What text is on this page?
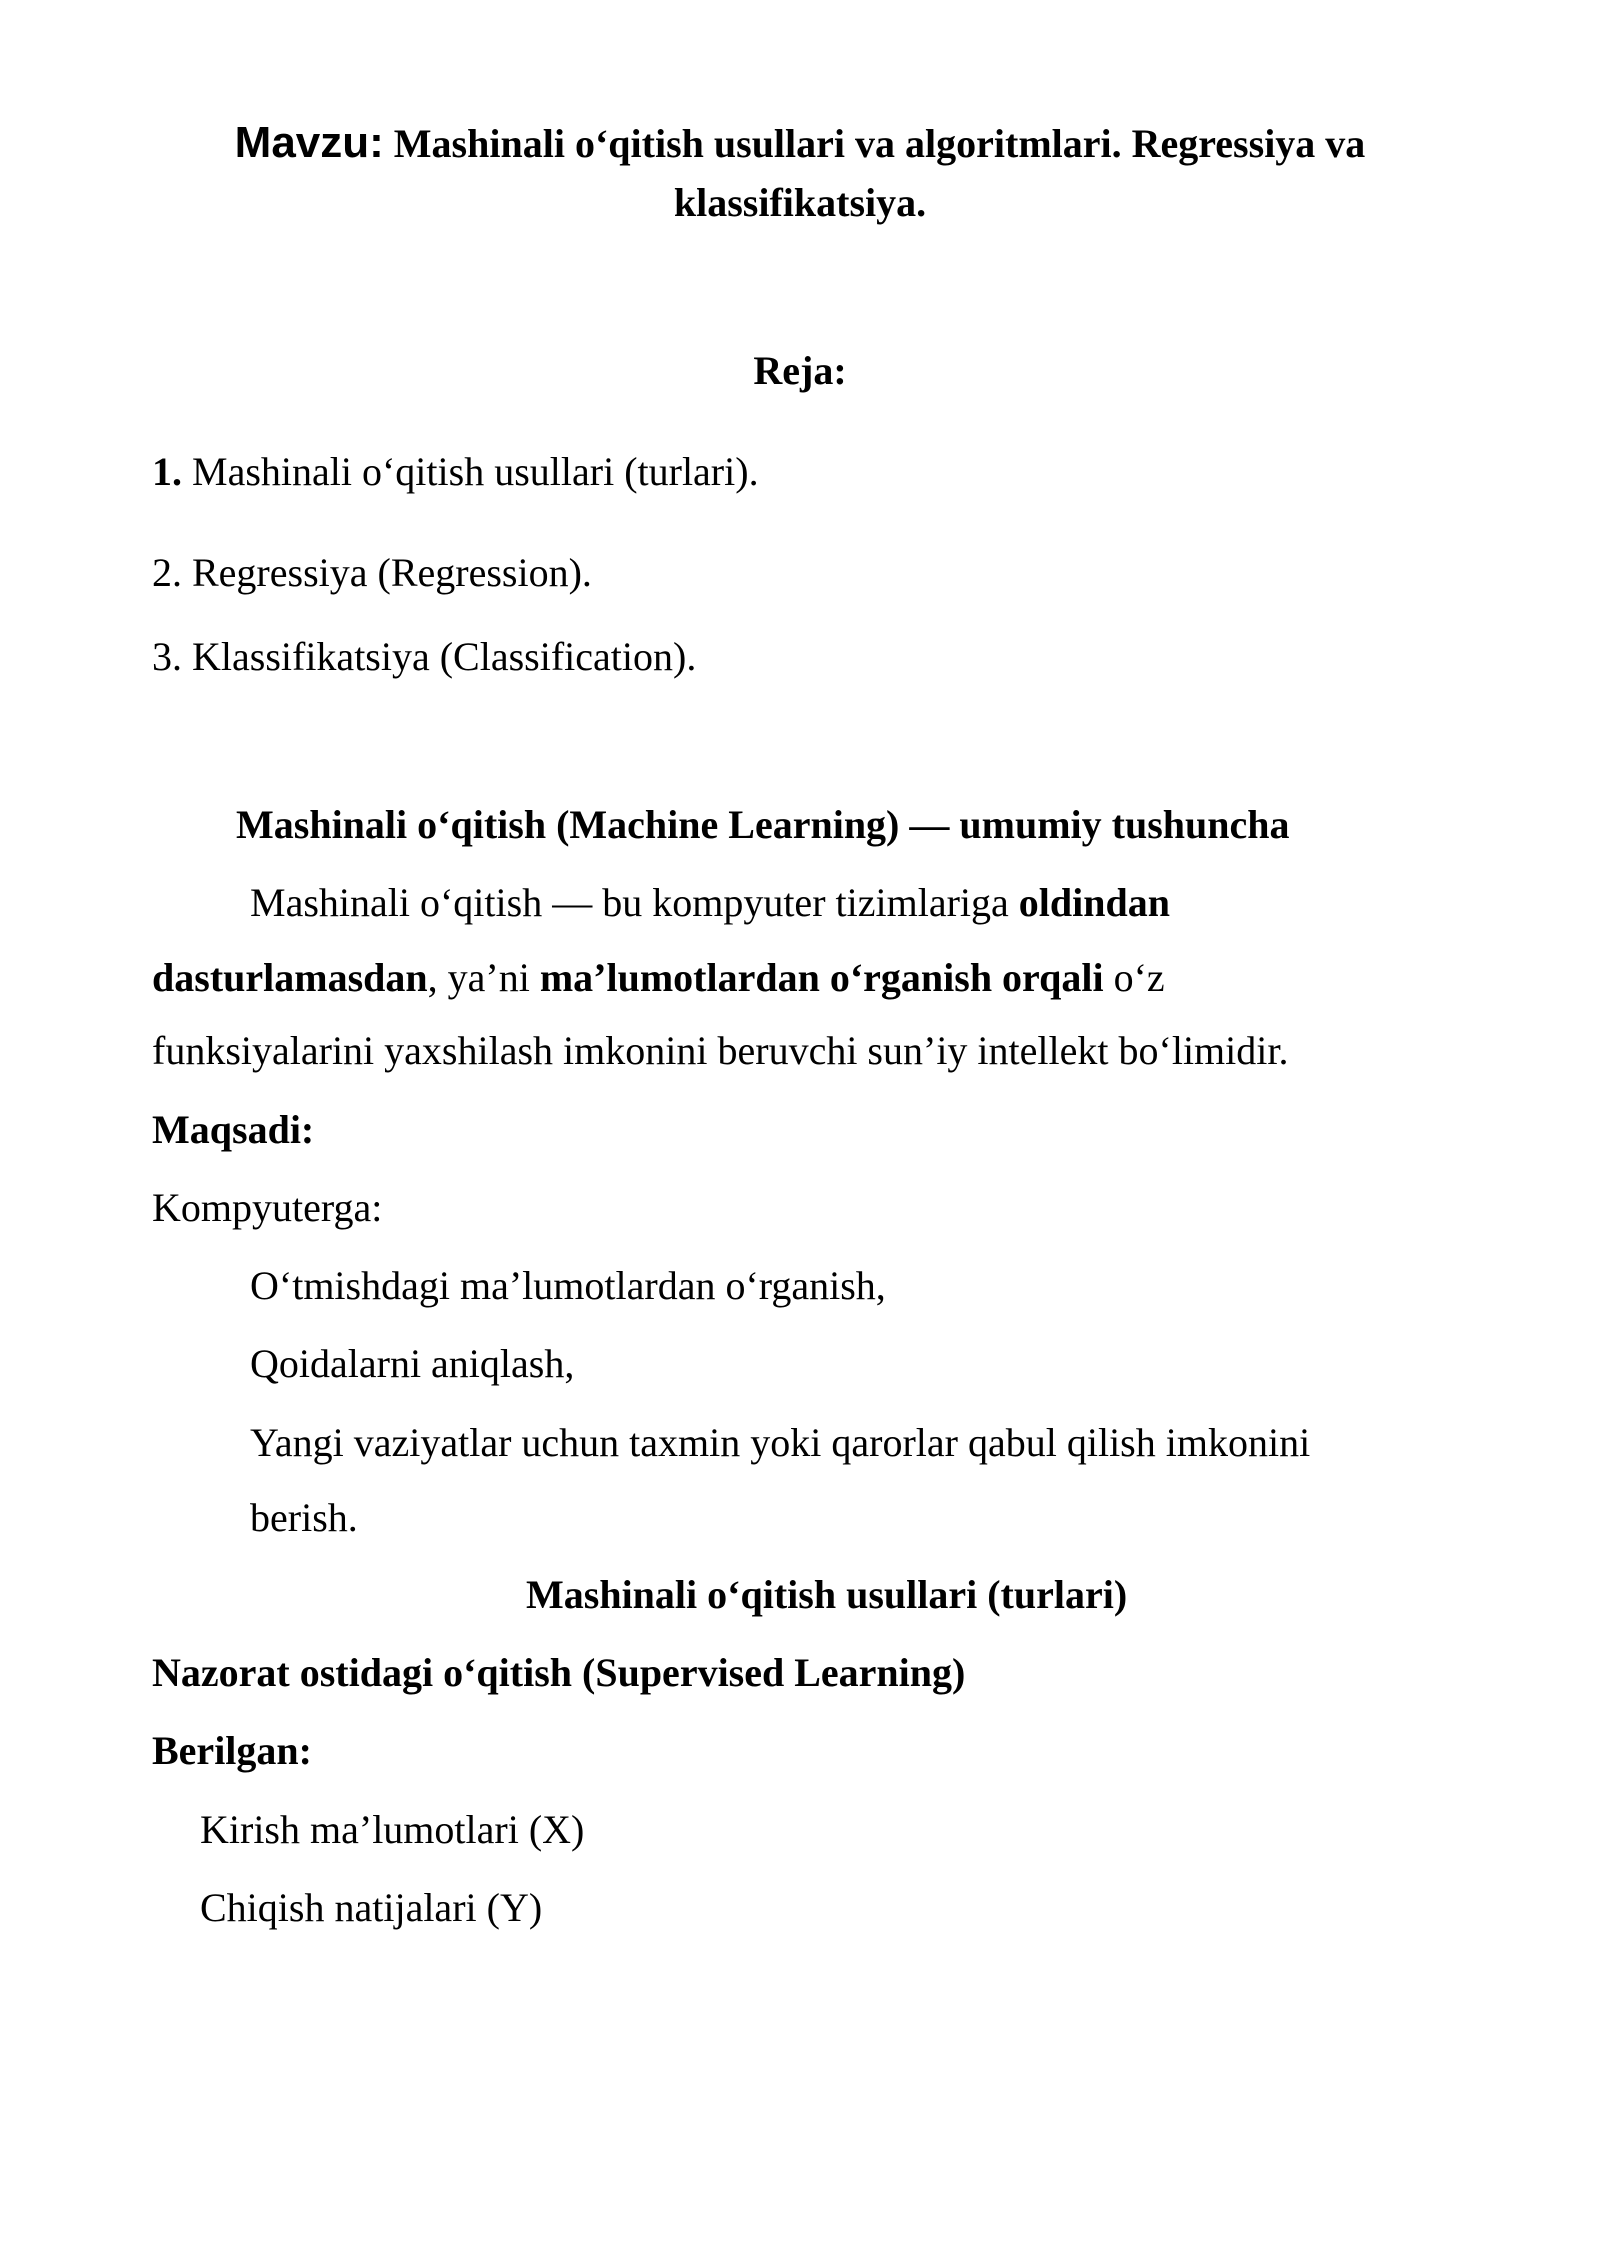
Mavzu: Mashinali o‘qitish usullari va algoritmlari. Regressiya va
klassifikatsiya.
Reja:
1. Mashinali o‘qitish usullari (turlari).
2. Regressiya (Regression).
3. Klassifikatsiya (Classification).
Mashinali o‘qitish (Machine Learning) — umumiy tushuncha
Mashinali o‘qitish — bu kompyuter tizimlariga oldindan
dasturlamasdan, ya’ni ma’lumotlardan o‘rganish orqali o‘z
funksiyalarini yaxshilash imkonini beruvchi sun’iy intellekt bo‘limidir.
Maqsadi:
Kompyuterga:
O‘tmishdagi ma’lumotlardan o‘rganish,
Qoidalarni aniqlash,
Yangi vaziyatlar uchun taxmin yoki qarorlar qabul qilish imkonini
berish.
Mashinali o‘qitish usullari (turlari)
Nazorat ostidagi o‘qitish (Supervised Learning)
Berilgan:
Kirish ma’lumotlari (X)
Chiqish natijalari (Y)
